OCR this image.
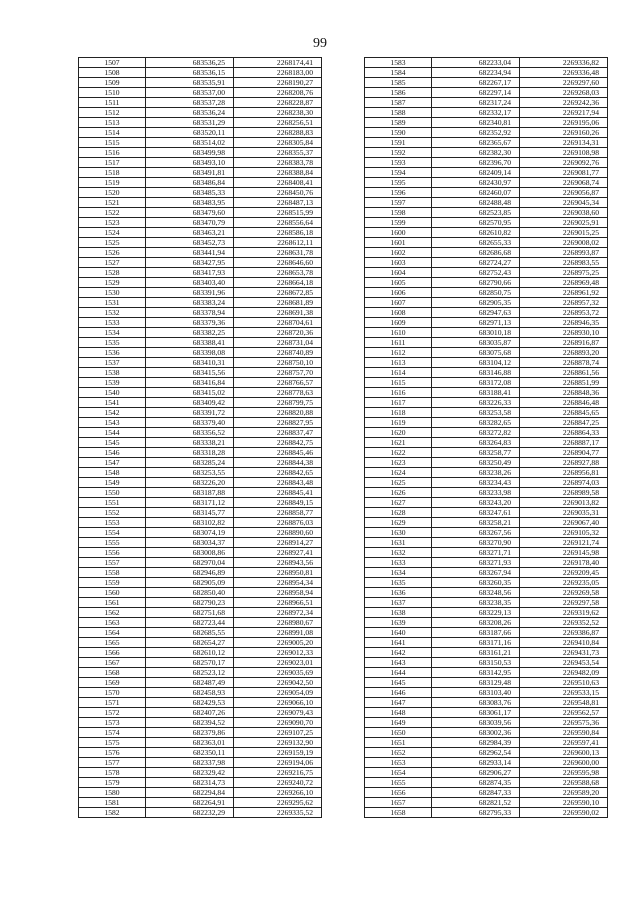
99
1507	683536,25	2268174,41
1508	683536,15	2268183,00
1509	683535,91	2268190,27
1510	683537,00	2268208,76
1511	683537,28	2268228,87
1512	683536,24	2268238,30
1513	683531,29	2268256,51
1514	683520,11	2268288,83
1515	683514,02	2268305,84
1516	683499,98	2268355,37
1517	683493,10	2268383,78
1518	683491,81	2268388,84
1519	683486,84	2268408,41
1520	683485,33	2268450,76
1521	683483,95	2268487,13
1522	683479,60	2268515,99
1523	683470,79	2268556,64
1524	683463,21	2268586,18
1525	683452,73	2268612,11
1526	683441,94	2268631,78
1527	683427,95	2268646,60
1528	683417,93	2268653,78
1529	683403,40	2268664,18
1530	683391,96	2268672,85
1531	683383,24	2268681,89
1532	683378,94	2268691,38
1533	683379,36	2268704,61
1534	683382,25	2268720,36
1535	683388,41	2268731,04
1536	683398,08	2268740,89
1537	683410,31	2268750,10
1538	683415,56	2268757,70
1539	683416,84	2268766,57
1540	683415,02	2268778,63
1541	683409,42	2268799,75
1542	683391,72	2268820,88
1543	683379,40	2268827,95
1544	683356,52	2268837,47
1545	683338,21	2268842,75
1546	683318,28	2268845,46
1547	683285,24	2268844,38
1548	683253,55	2268842,65
1549	683226,20	2268843,48
1550	683187,88	2268845,41
1551	683171,12	2268849,15
1552	683145,77	2268858,77
1553	683102,82	2268876,03
1554	683074,19	2268890,60
1555	683034,37	2268914,27
1556	683008,86	2268927,41
1557	682970,04	2268943,56
1558	682946,89	2268950,81
1559	682905,09	2268954,34
1560	682850,40	2268958,94
1561	682790,23	2268966,51
1562	682751,68	2268972,34
1563	682723,44	2268980,67
1564	682685,55	2268991,08
1565	682654,27	2269005,20
1566	682610,12	2269012,33
1567	682570,17	2269023,01
1568	682523,12	2269035,69
1569	682487,49	2269042,50
1570	682458,93	2269054,09
1571	682429,53	2269066,10
1572	682407,26	2269079,43
1573	682394,52	2269090,70
1574	682379,86	2269107,25
1575	682363,01	2269132,90
1576	682350,11	2269159,19
1577	682337,98	2269194,06
1578	682329,42	2269216,75
1579	682314,73	2269240,72
1580	682294,84	2269266,10
1581	682264,91	2269295,62
1582	682232,29	2269335,52
1583	682233,04	2269336,82
1584	682234,94	2269336,48
1585	682267,17	2269297,60
1586	682297,14	2269268,03
1587	682317,24	2269242,36
1588	682332,17	2269217,94
1589	682340,81	2269195,06
1590	682352,92	2269160,26
1591	682365,67	2269134,31
1592	682382,30	2269108,98
1593	682396,70	2269092,76
1594	682409,14	2269081,77
1595	682430,97	2269068,74
1596	682460,07	2269056,87
1597	682488,48	2269045,34
1598	682523,85	2269038,60
1599	682570,95	2269025,91
1600	682610,82	2269015,25
1601	682655,33	2269008,02
1602	682686,68	2268993,87
1603	682724,27	2268983,55
1604	682752,43	2268975,25
1605	682790,66	2268969,48
1606	682850,75	2268961,92
1607	682905,35	2268957,32
1608	682947,63	2268953,72
1609	682971,13	2268946,35
1610	683010,18	2268930,10
1611	683035,87	2268916,87
1612	683075,68	2268893,20
1613	683104,12	2268878,74
1614	683146,88	2268861,56
1615	683172,08	2268851,99
1616	683188,41	2268848,36
1617	683226,33	2268846,48
1618	683253,58	2268845,65
1619	683282,65	2268847,25
1620	683272,82	2268864,33
1621	683264,83	2268887,17
1622	683258,77	2268904,77
1623	683250,49	2268927,88
1624	683238,26	2268956,81
1625	683234,43	2268974,03
1626	683233,98	2268989,58
1627	683243,20	2269013,82
1628	683247,61	2269035,31
1629	683258,21	2269067,40
1630	683267,56	2269105,32
1631	683270,90	2269121,74
1632	683271,71	2269145,98
1633	683271,93	2269178,40
1634	683267,94	2269209,45
1635	683260,35	2269235,05
1636	683248,56	2269269,58
1637	683238,35	2269297,58
1638	683229,13	2269319,62
1639	683208,26	2269352,52
1640	683187,66	2269386,87
1641	683171,16	2269410,84
1642	683161,21	2269431,73
1643	683150,53	2269453,54
1644	683142,95	2269482,09
1645	683129,48	2269510,63
1646	683103,40	2269533,15
1647	683083,76	2269548,81
1648	683061,17	2269562,57
1649	683039,56	2269575,36
1650	683002,36	2269590,84
1651	682984,39	2269597,41
1652	682962,54	2269600,13
1653	682933,14	2269600,00
1654	682906,27	2269595,98
1655	682874,35	2269588,68
1656	682847,33	2269589,20
1657	682821,52	2269590,10
1658	682795,33	2269590,02
